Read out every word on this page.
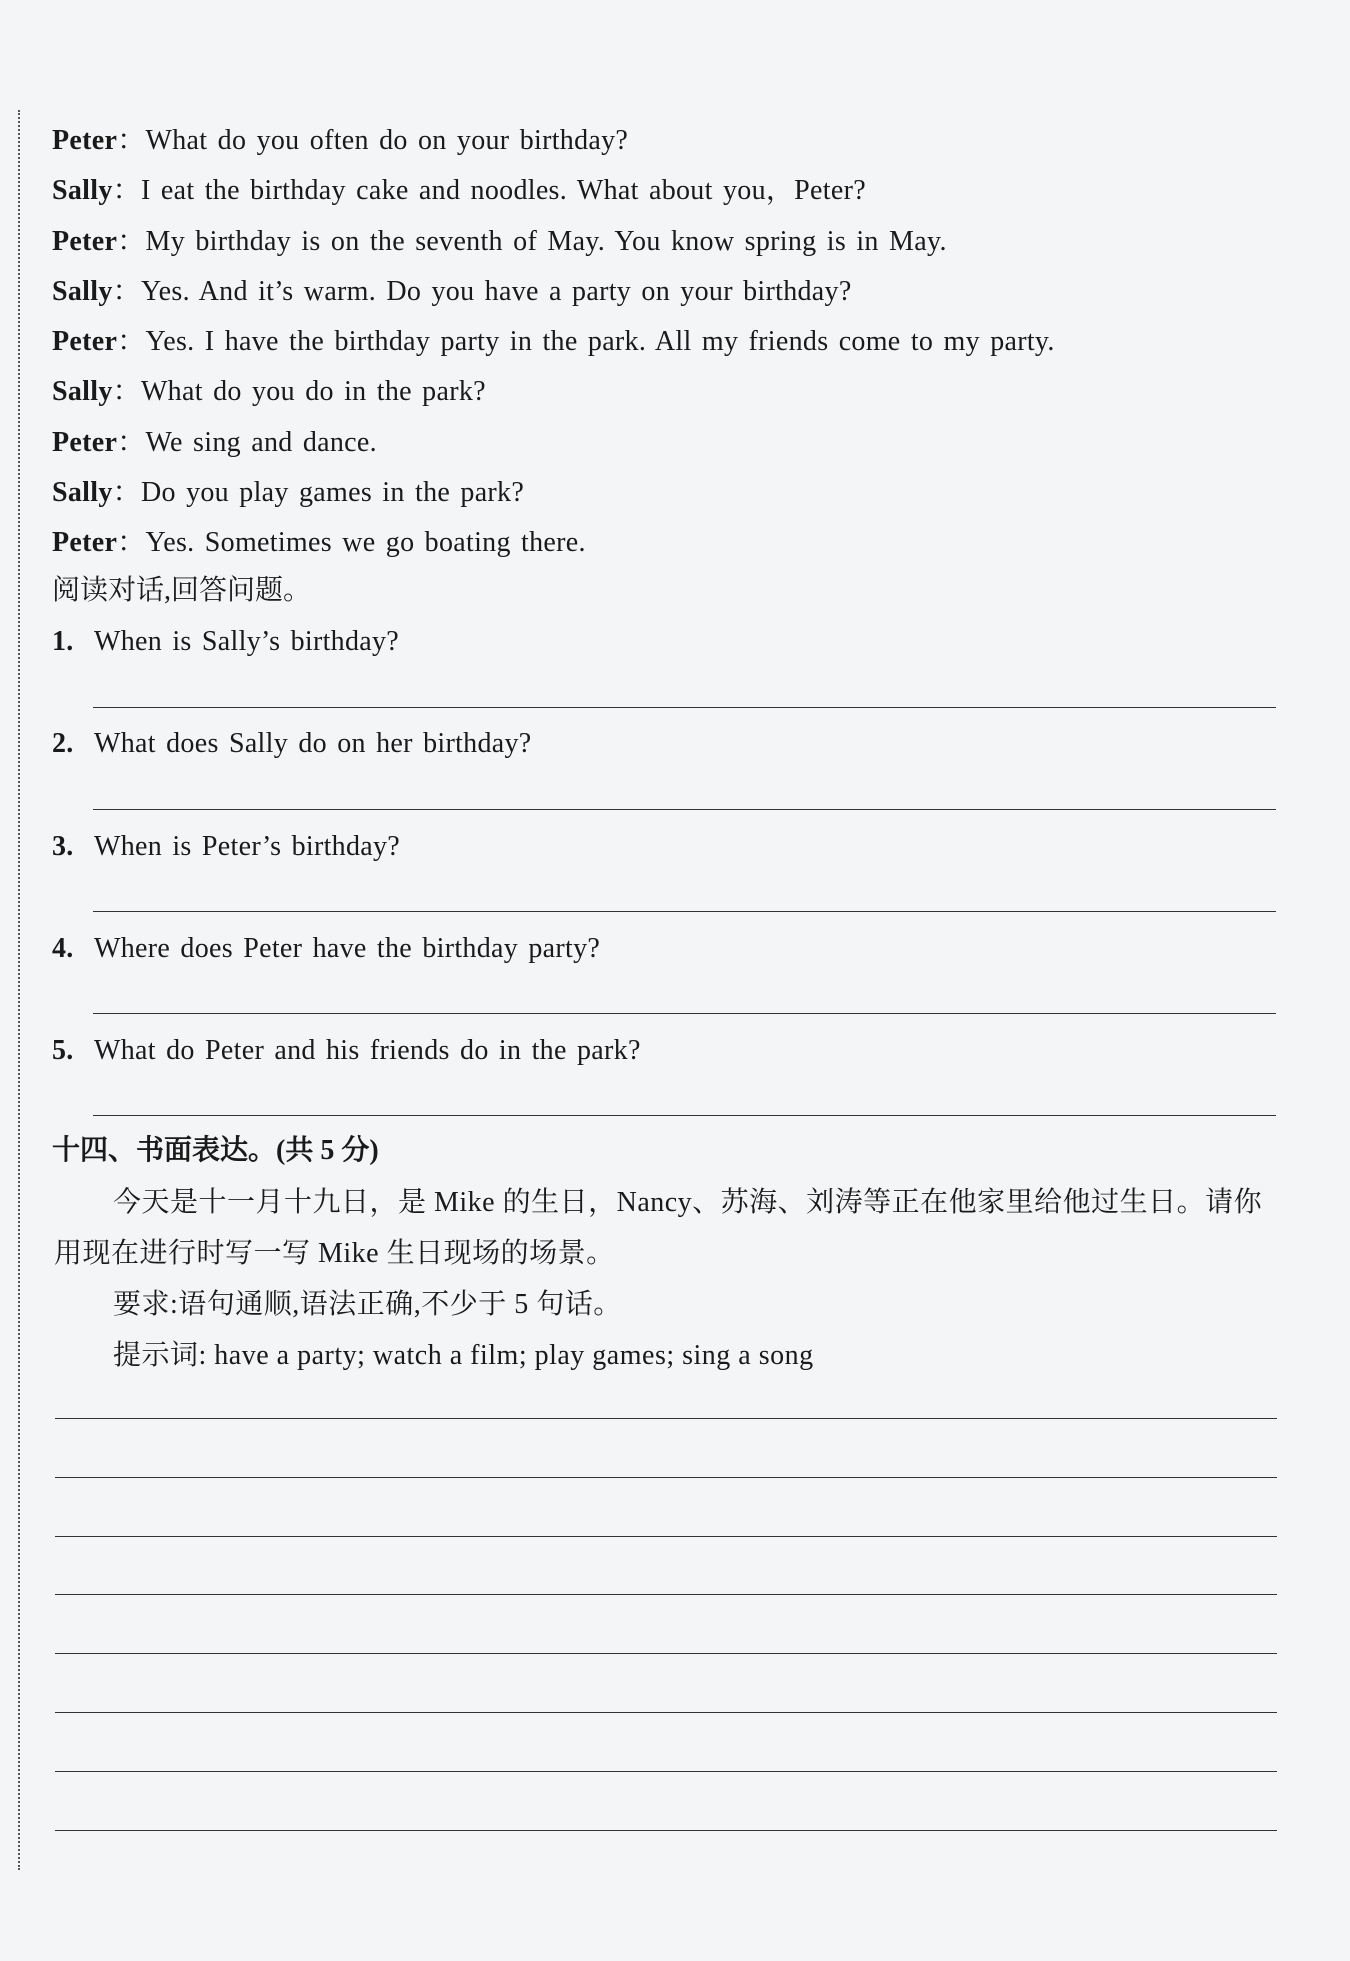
Peter：What do you often do on your birthday?
Sally：I eat the birthday cake and noodles. What about you，Peter?
Peter：My birthday is on the seventh of May. You know spring is in May.
Sally：Yes. And it’s warm. Do you have a party on your birthday?
Peter：Yes. I have the birthday party in the park. All my friends come to my party.
Sally：What do you do in the park?
Peter：We sing and dance.
Sally：Do you play games in the park?
Peter：Yes. Sometimes we go boating there.
阅读对话,回答问题。
1. When is Sally’s birthday?
2. What does Sally do on her birthday?
3. When is Peter’s birthday?
4. Where does Peter have the birthday party?
5. What do Peter and his friends do in the park?
十四、书面表达。(共 5 分)
今天是十一月十九日，是 Mike 的生日，Nancy、苏海、刘涛等正在他家里给他过生日。请你
用现在进行时写一写 Mike 生日现场的场景。
要求:语句通顺,语法正确,不少于 5 句话。
提示词: have a party; watch a film; play games; sing a song
